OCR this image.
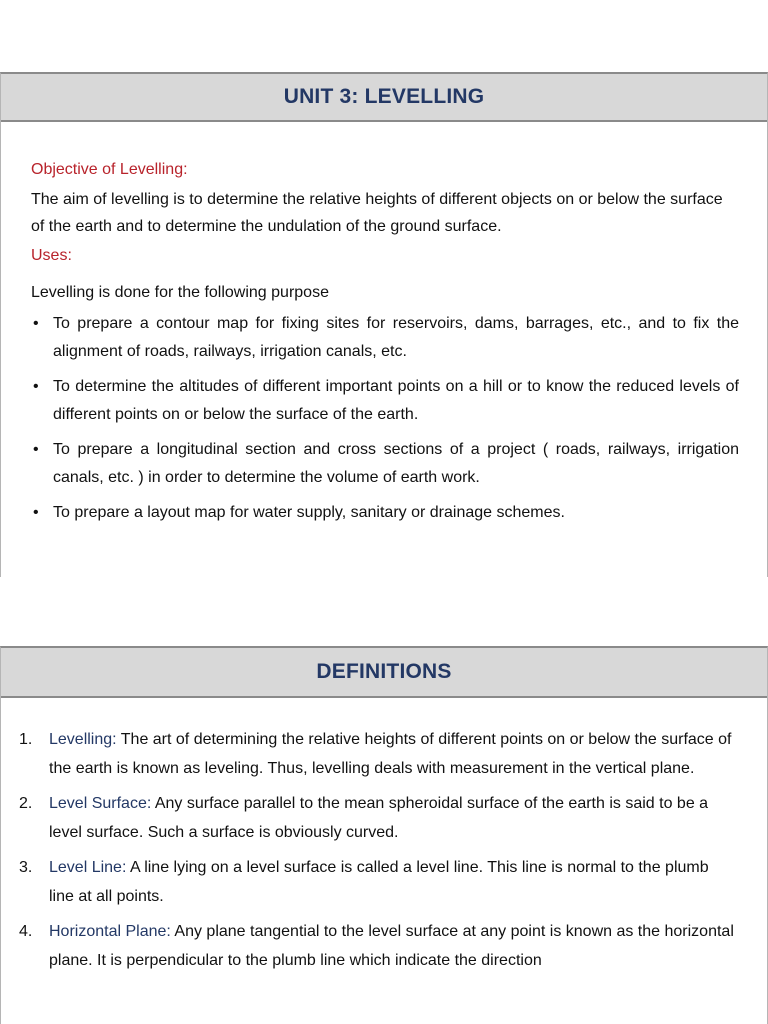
UNIT 3: LEVELLING

Objective of Levelling:

The aim of levelling is to determine the relative heights of different objects on or below the surface of the earth and to determine the undulation of the ground surface.

Uses:

Levelling is done for the following purpose

• To prepare a contour map for fixing sites for reservoirs, dams, barrages, etc., and to fix the alignment of roads, railways, irrigation canals, etc.
• To determine the altitudes of different important points on a hill or to know the reduced levels of different points on or below the surface of the earth.
• To prepare a longitudinal section and cross sections of a project ( roads, railways, irrigation canals, etc. ) in order to determine the volume of earth work.
• To prepare a layout map for water supply, sanitary or drainage schemes.
DEFINITIONS
1. Levelling: The art of determining the relative heights of different points on or below the surface of the earth is known as leveling. Thus, levelling deals with measurement in the vertical plane.
2. Level Surface: Any surface parallel to the mean spheroidal surface of the earth is said to be a level surface. Such a surface is obviously curved.
3. Level Line: A line lying on a level surface is called a level line. This line is normal to the plumb line at all points.
4. Horizontal Plane: Any plane tangential to the level surface at any point is known as the horizontal plane. It is perpendicular to the plumb line which indicate the direction
